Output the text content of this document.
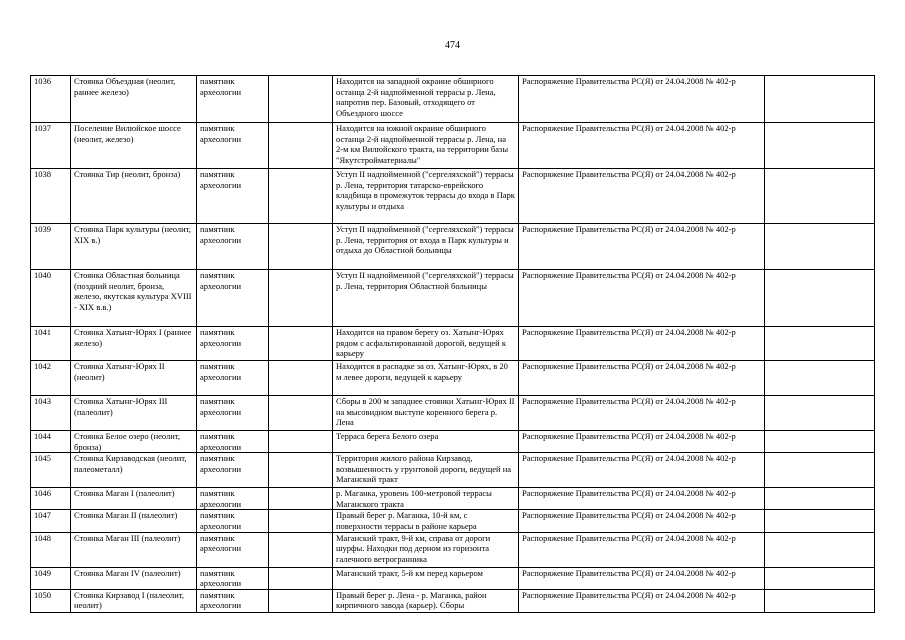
474
1036	Стоянка Объездная (неолит, раннее железо)	памятник археологии		Находится на западной окраине обширного останца 2-й надпойменной террасы р. Лена, напротив пер. Базовый, отходящего от Объездного шоссе	Распоряжение Правительства РС(Я) от 24.04.2008 № 402-р	
1037	Поселение Вилюйское шоссе (неолит, железо)	памятник археологии		Находится на южной окраине обширного останца 2-й надпойменной террасы р. Лена, на 2-м км Вилюйского тракта, на территории базы "Якутстройматериалы"	Распоряжение Правительства РС(Я) от 24.04.2008 № 402-р	
1038	Стоянка Тир (неолит, бронза)	памятник археологии		Уступ II надпойменной ("сергеляхской") террасы р. Лена, территория татарско-еврейского кладбища в промежуток террасы до входа в Парк культуры и отдыха	Распоряжение Правительства РС(Я) от 24.04.2008 № 402-р	
1039	Стоянка Парк культуры (неолит, XIX в.)	памятник археологии		Уступ II надпойменной ("сергеляхской") террасы р. Лена, территория от входа в Парк культуры и отдыха до Областной больницы	Распоряжение Правительства РС(Я) от 24.04.2008 № 402-р	
1040	Стоянка Областная больница (поздний неолит, бронза, железо, якутская культура XVIII - XIX в.в.)	памятник археологии		Уступ II надпойменной ("сергеляхской") террасы р. Лена, территория Областной больницы	Распоряжение Правительства РС(Я) от 24.04.2008 № 402-р	
1041	Стоянка Хатынг-Юрях I (раннее железо)	памятник археологии		Находится на правом берегу оз. Хатынг-Юрях рядом с асфальтированной дорогой, ведущей к карьеру	Распоряжение Правительства РС(Я) от 24.04.2008 № 402-р	
1042	Стоянка Хатынг-Юрях II (неолит)	памятник археологии		Находится в распадке за оз. Хатынг-Юрях, в 20 м левее дороги, ведущей к карьеру	Распоряжение Правительства РС(Я) от 24.04.2008 № 402-р	
1043	Стоянка Хатынг-Юрях III (палеолит)	памятник археологии		Сборы в 200 м западнее стоянки Хатынг-Юрях II на мысовидном выступе коренного берега р. Лена	Распоряжение Правительства РС(Я) от 24.04.2008 № 402-р	
1044	Стоянка Белое озеро (неолит, бронза)	памятник археологии		Терраса берега Белого озера	Распоряжение Правительства РС(Я) от 24.04.2008 № 402-р	
1045	Стоянка Кирзаводская (неолит, палеометалл)	памятник археологии		Территория жилого района Кирзавод, возвышенность у грунтовой дороги, ведущей на Маганский тракт	Распоряжение Правительства РС(Я) от 24.04.2008 № 402-р	
1046	Стоянка Маган I (палеолит)	памятник археологии		р. Маганка, уровень 100-метровой террасы Маганского тракта	Распоряжение Правительства РС(Я) от 24.04.2008 № 402-р	
1047	Стоянка Маган II (палеолит)	памятник археологии		Правый берег р. Маганка, 10-й км, с поверхности террасы в районе карьера	Распоряжение Правительства РС(Я) от 24.04.2008 № 402-р	
1048	Стоянка Маган III (палеолит)	памятник археологии		Маганский тракт, 9-й км, справа от дороги шурфы. Находки под дерном из горизонта галечного ветрогранника	Распоряжение Правительства РС(Я) от 24.04.2008 № 402-р	
1049	Стоянка Маган IV (палеолит)	памятник археологии		Маганский тракт, 5-й км перед карьером	Распоряжение Правительства РС(Я) от 24.04.2008 № 402-р	
1050	Стоянка Кирзавод I (палеолит, неолит)	памятник археологии		Правый берег р. Лена - р. Маганка, район кирпичного завода (карьер). Сборы	Распоряжение Правительства РС(Я) от 24.04.2008 № 402-р	
